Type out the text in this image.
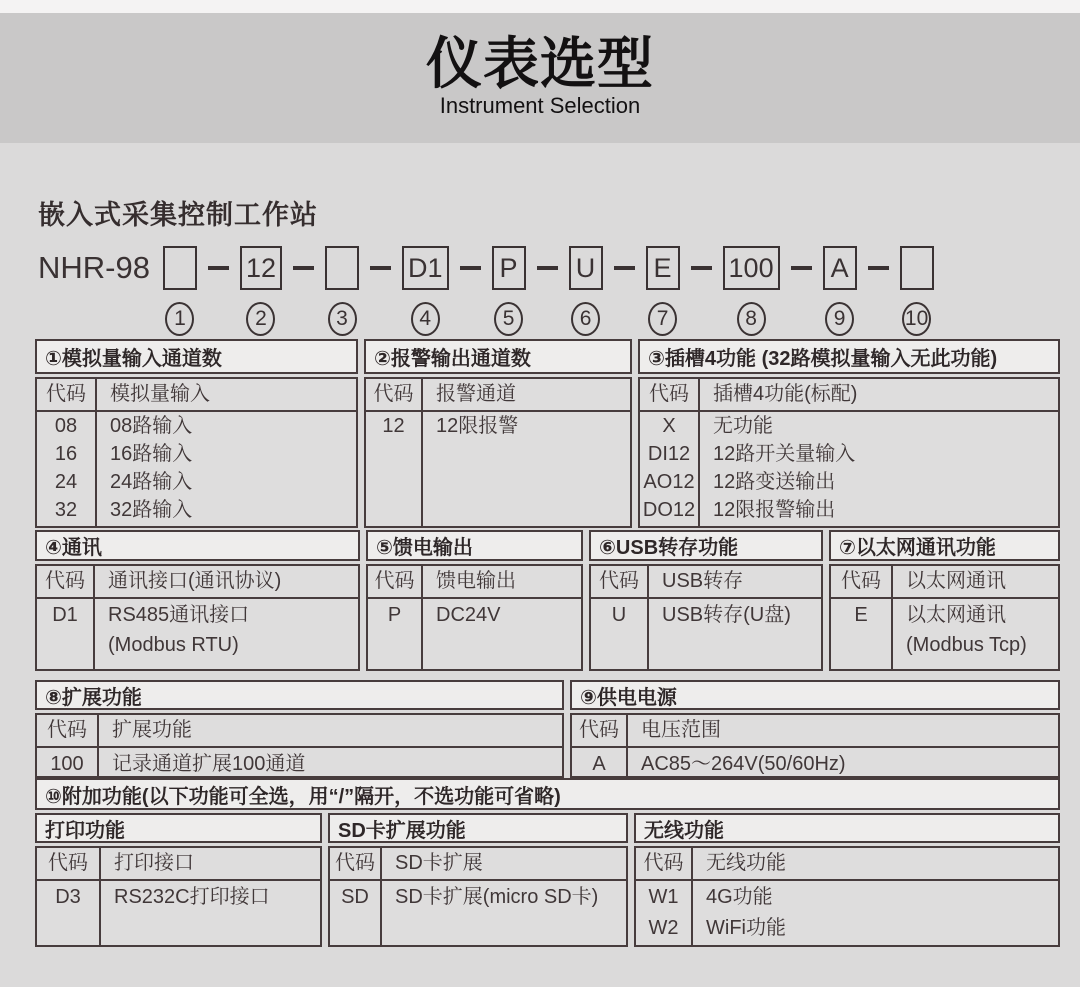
仪表选型
Instrument Selection
嵌入式采集控制工作站
NHR-98
1
12
2	3
D1
4
P
5
U
6
E
7
100
8
A
9	10
①模拟量输入通道数
代码
08
16
24
32
模拟量输入
08路输入
16路输入
24路输入
32路输入
②报警输出通道数
代码
12
报警通道
12限报警
③插槽4功能 (32路模拟量输入无此功能)
代码
X
DI12
AO12
DO12
插槽4功能(标配)
无功能
12路开关量输入
12路变送输出
12限报警输出
④通讯
代码
D1
通讯接口(通讯协议)
RS485通讯接口
(Modbus RTU)
⑤馈电输出
代码
P
馈电输出
DC24V
⑥USB转存功能
代码
U
USB转存
USB转存(U盘)
⑦以太网通讯功能
代码
E
以太网通讯
以太网通讯
(Modbus Tcp)
⑧扩展功能
代码
100
扩展功能
记录通道扩展100通道
⑨供电电源
代码
A
电压范围
AC85～264V(50/60Hz)
⑩附加功能(以下功能可全选，用“/”隔开，不选功能可省略)
打印功能
代码
D3
打印接口
RS232C打印接口
SD卡扩展功能
代码
SD
SD卡扩展
SD卡扩展(micro SD卡)
无线功能
代码
W1
W2
无线功能
4G功能
WiFi功能
